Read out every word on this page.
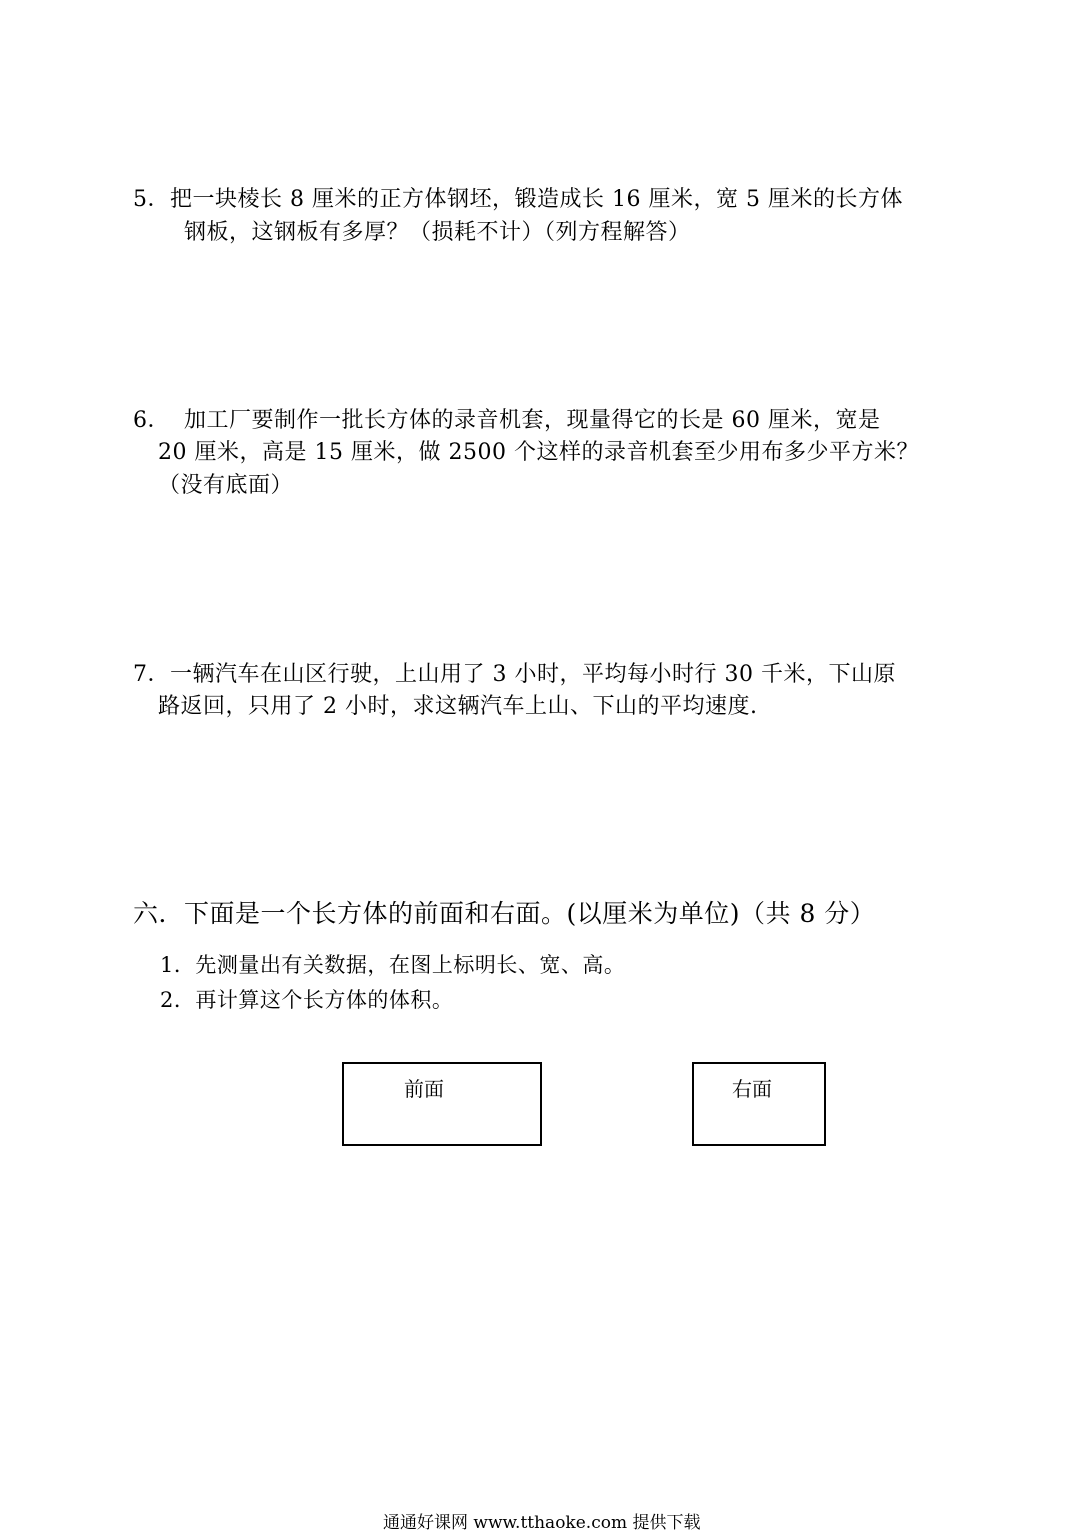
5． 把一块棱长 8 厘米的正方体钢坯，锻造成长 16 厘米，宽 5 厘米的长方体
钢板，这钢板有多厚？（损耗不计）（列方程解答）
6． 加工厂要制作一批长方体的录音机套，现量得它的长是 60 厘米，宽是
20 厘米，高是 15 厘米，做 2500 个这样的录音机套至少用布多少平方米？
（没有底面）
7． 一辆汽车在山区行驶，上山用了 3 小时，平均每小时行 30 千米，下山原
路返回，只用了 2 小时，求这辆汽车上山、下山的平均速度.
六．下面是一个长方体的前面和右面。(以厘米为单位)（共 8 分）
1．先测量出有关数据，在图上标明长、宽、高。
2．再计算这个长方体的体积。
前面	右面
通通好课网 www.tthaoke.com 提供下载
